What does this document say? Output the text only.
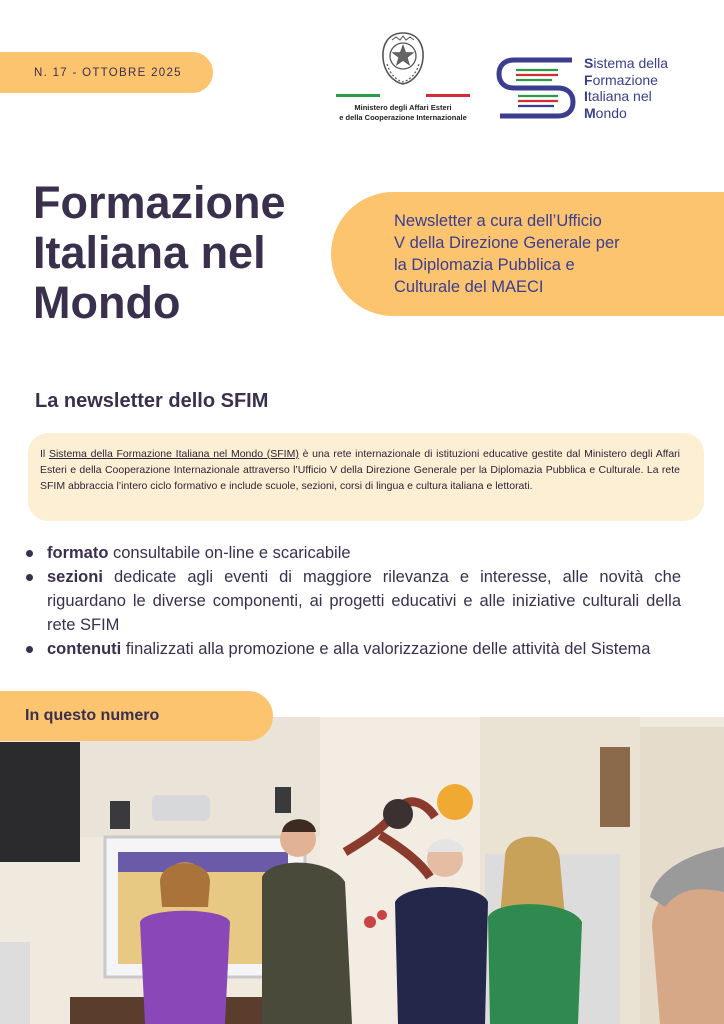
N. 17 - OTTOBRE 2025
Ministero degli Affari Esteri
e della Cooperazione Internazionale
Sistema della
Formazione
Italiana nel
Mondo
Formazione
Italiana nel
Mondo
Newsletter a cura dell’Ufficio
V della Direzione Generale per
la Diplomazia Pubblica e
Culturale del MAECI
La newsletter dello SFIM
Il Sistema della Formazione Italiana nel Mondo (SFIM) è una rete internazionale di istituzioni educative gestite dal Ministero degli Affari Esteri e della Cooperazione Internazionale attraverso l’Ufficio V della Direzione Generale per la Diplomazia Pubblica e Culturale. La rete SFIM abbraccia l’intero ciclo formativo e include scuole, sezioni, corsi di lingua e cultura italiana e lettorati.
formato consultabile on-line e scaricabile
sezioni dedicate agli eventi di maggiore rilevanza e interesse, alle novità che riguardano le diverse componenti, ai progetti educativi e alle iniziative culturali della rete SFIM
contenuti finalizzati alla promozione e alla valorizzazione delle attività del Sistema
In questo numero
